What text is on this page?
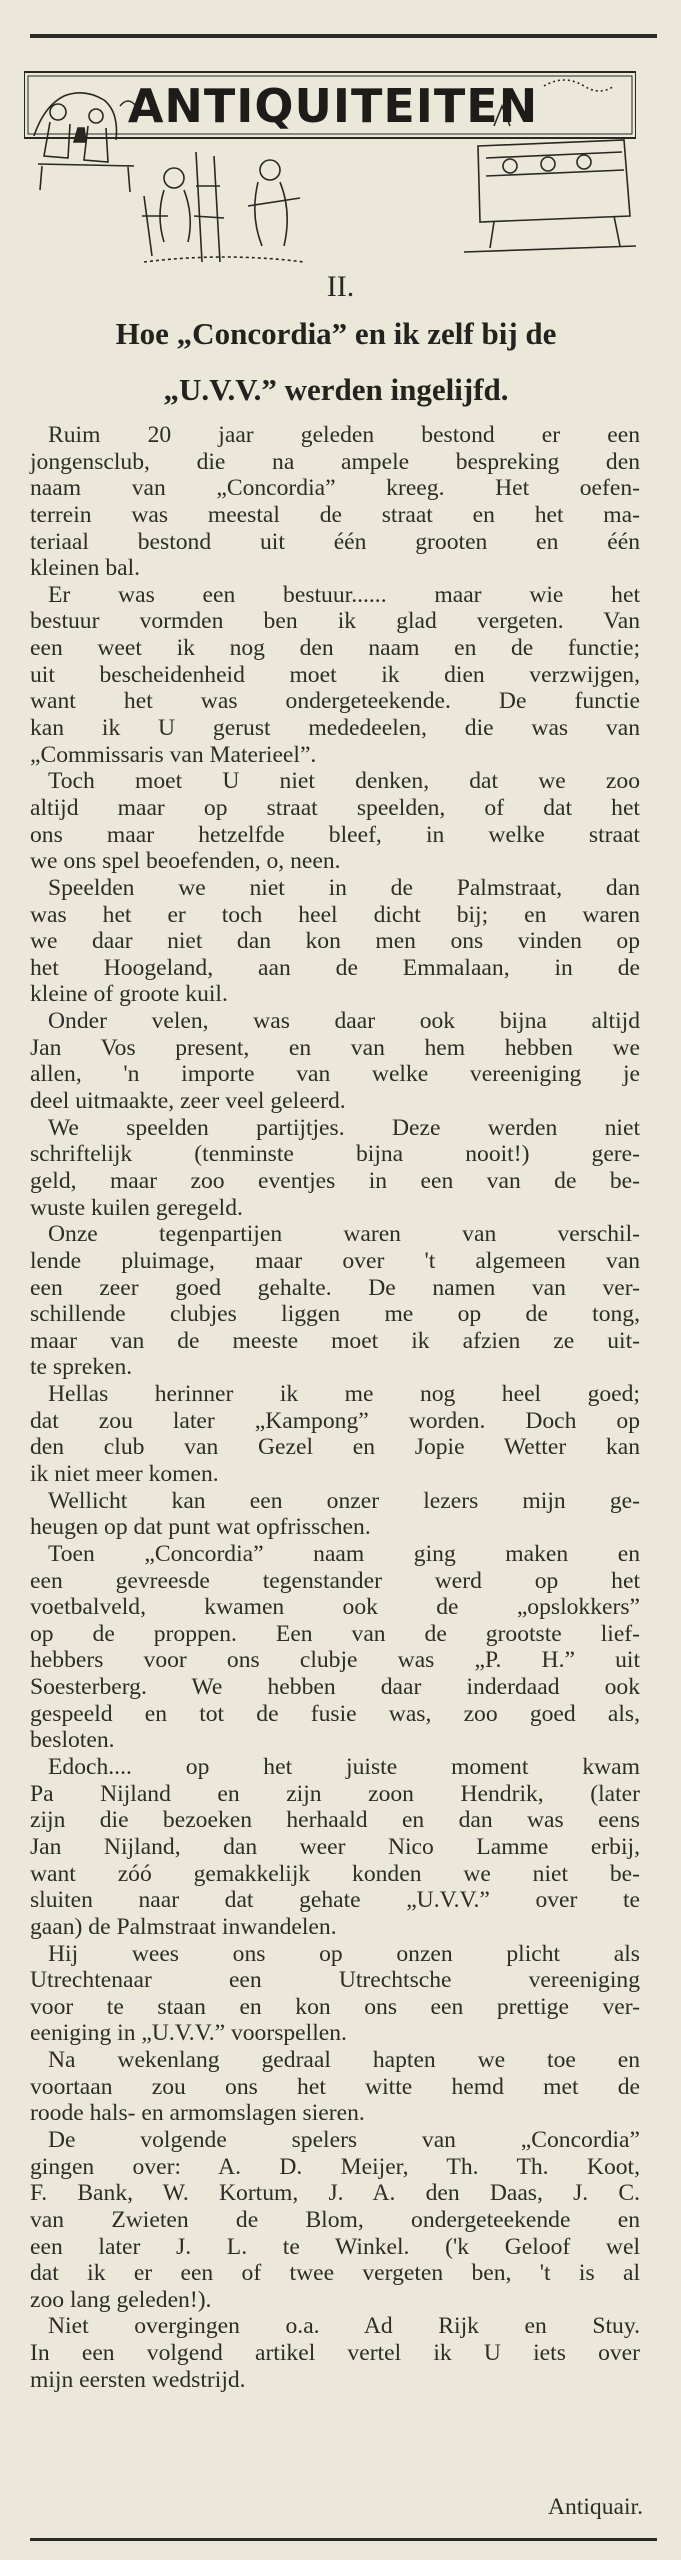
ANTIQUITEITEN
II.
Hoe „Concordia” en ik zelf bij de
„U.V.V.” werden ingelijfd.
Ruim 20 jaar geleden bestond er een
jongensclub, die na ampele bespreking den
naam van „Concordia” kreeg. Het oefen-
terrein was meestal de straat en het ma-
teriaal bestond uit één grooten en één
kleinen bal.
Er was een bestuur...... maar wie het
bestuur vormden ben ik glad vergeten. Van
een weet ik nog den naam en de functie;
uit bescheidenheid moet ik dien verzwijgen,
want het was ondergeteekende. De functie
kan ik U gerust mededeelen, die was van
„Commissaris van Materieel”.
Toch moet U niet denken, dat we zoo
altijd maar op straat speelden, of dat het
ons maar hetzelfde bleef, in welke straat
we ons spel beoefenden, o, neen.
Speelden we niet in de Palmstraat, dan
was het er toch heel dicht bij; en waren
we daar niet dan kon men ons vinden op
het Hoogeland, aan de Emmalaan, in de
kleine of groote kuil.
Onder velen, was daar ook bijna altijd
Jan Vos present, en van hem hebben we
allen, 'n importe van welke vereeniging je
deel uitmaakte, zeer veel geleerd.
We speelden partijtjes. Deze werden niet
schriftelijk (tenminste bijna nooit!) gere-
geld, maar zoo eventjes in een van de be-
wuste kuilen geregeld.
Onze tegenpartijen waren van verschil-
lende pluimage, maar over 't algemeen van
een zeer goed gehalte. De namen van ver-
schillende clubjes liggen me op de tong,
maar van de meeste moet ik afzien ze uit-
te spreken.
Hellas herinner ik me nog heel goed;
dat zou later „Kampong” worden. Doch op
den club van Gezel en Jopie Wetter kan
ik niet meer komen.
Wellicht kan een onzer lezers mijn ge-
heugen op dat punt wat opfrisschen.
Toen „Concordia” naam ging maken en
een gevreesde tegenstander werd op het
voetbalveld, kwamen ook de „opslokkers”
op de proppen. Een van de grootste lief-
hebbers voor ons clubje was „P. H.” uit
Soesterberg. We hebben daar inderdaad ook
gespeeld en tot de fusie was, zoo goed als,
besloten.
Edoch.... op het juiste moment kwam
Pa Nijland en zijn zoon Hendrik, (later
zijn die bezoeken herhaald en dan was eens
Jan Nijland, dan weer Nico Lamme erbij,
want zóó gemakkelijk konden we niet be-
sluiten naar dat gehate „U.V.V.” over te
gaan) de Palmstraat inwandelen.
Hij wees ons op onzen plicht als
Utrechtenaar een Utrechtsche vereeniging
voor te staan en kon ons een prettige ver-
eeniging in „U.V.V.” voorspellen.
Na wekenlang gedraal hapten we toe en
voortaan zou ons het witte hemd met de
roode hals- en armomslagen sieren.
De volgende spelers van „Concordia”
gingen over: A. D. Meijer, Th. Th. Koot,
F. Bank, W. Kortum, J. A. den Daas, J. C.
van Zwieten de Blom, ondergeteekende en
een later J. L. te Winkel. ('k Geloof wel
dat ik er een of twee vergeten ben, 't is al
zoo lang geleden!).
Niet overgingen o.a. Ad Rijk en Stuy.
In een volgend artikel vertel ik U iets over
mijn eersten wedstrijd.
Antiquair.
